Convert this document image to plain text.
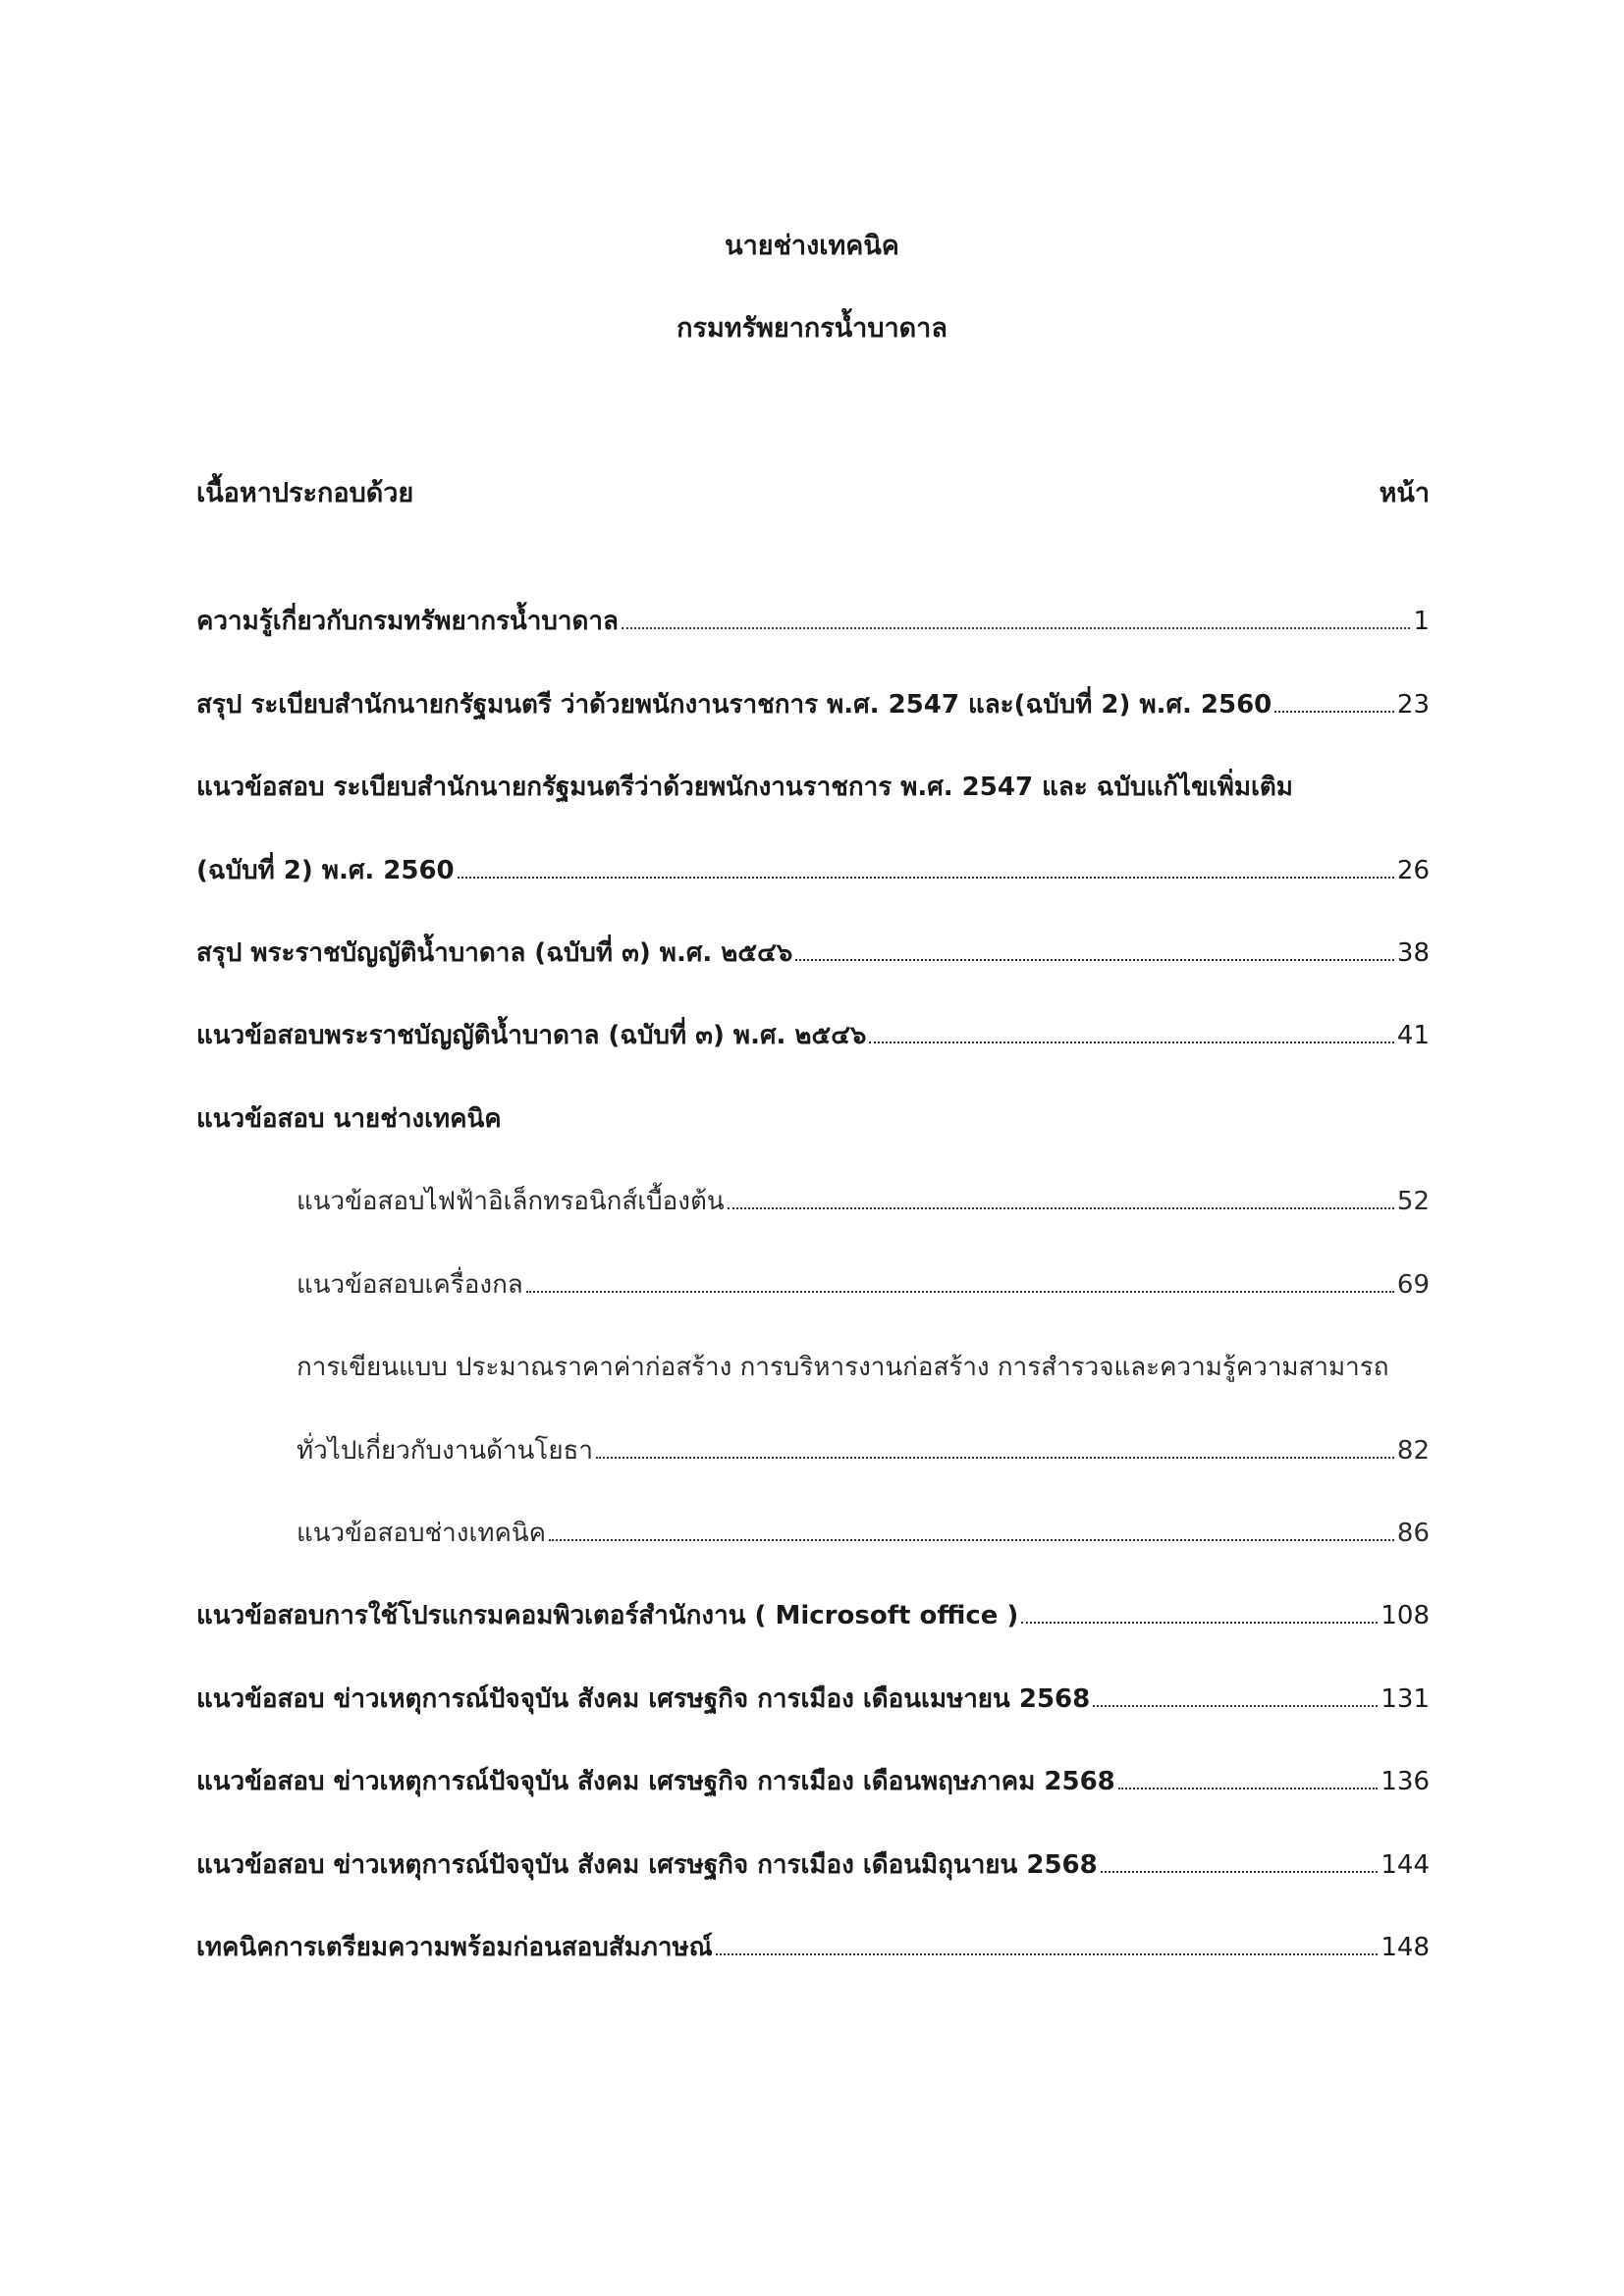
นายช่างเทคนิค
กรมทรัพยากรน้ำบาดาล
เนื้อหาประกอบด้วย	หน้า
ความรู้เกี่ยวกับกรมทรัพยากรน้ำบาดาล	1
สรุป ระเบียบสำนักนายกรัฐมนตรี ว่าด้วยพนักงานราชการ พ.ศ. 2547 และ(ฉบับที่ 2) พ.ศ. 2560	23
แนวข้อสอบ ระเบียบสำนักนายกรัฐมนตรีว่าด้วยพนักงานราชการ พ.ศ. 2547 และ ฉบับแก้ไขเพิ่มเติม
(ฉบับที่ 2) พ.ศ. 2560	26
สรุป พระราชบัญญัติน้ำบาดาล (ฉบับที่ ๓) พ.ศ. ๒๕๔๖	38
แนวข้อสอบพระราชบัญญัติน้ำบาดาล (ฉบับที่ ๓) พ.ศ. ๒๕๔๖	41
แนวข้อสอบ นายช่างเทคนิค
แนวข้อสอบไฟฟ้าอิเล็กทรอนิกส์เบื้องต้น	52
แนวข้อสอบเครื่องกล	69
การเขียนแบบ ประมาณราคาค่าก่อสร้าง การบริหารงานก่อสร้าง การสำรวจและความรู้ความสามารถ
ทั่วไปเกี่ยวกับงานด้านโยธา	82
แนวข้อสอบช่างเทคนิค	86
แนวข้อสอบการใช้โปรแกรมคอมพิวเตอร์สำนักงาน ( Microsoft office )	108
แนวข้อสอบ ข่าวเหตุการณ์ปัจจุบัน สังคม เศรษฐกิจ การเมือง เดือนเมษายน 2568	131
แนวข้อสอบ ข่าวเหตุการณ์ปัจจุบัน สังคม เศรษฐกิจ การเมือง เดือนพฤษภาคม 2568	136
แนวข้อสอบ ข่าวเหตุการณ์ปัจจุบัน สังคม เศรษฐกิจ การเมือง เดือนมิถุนายน 2568	144
เทคนิคการเตรียมความพร้อมก่อนสอบสัมภาษณ์	148
